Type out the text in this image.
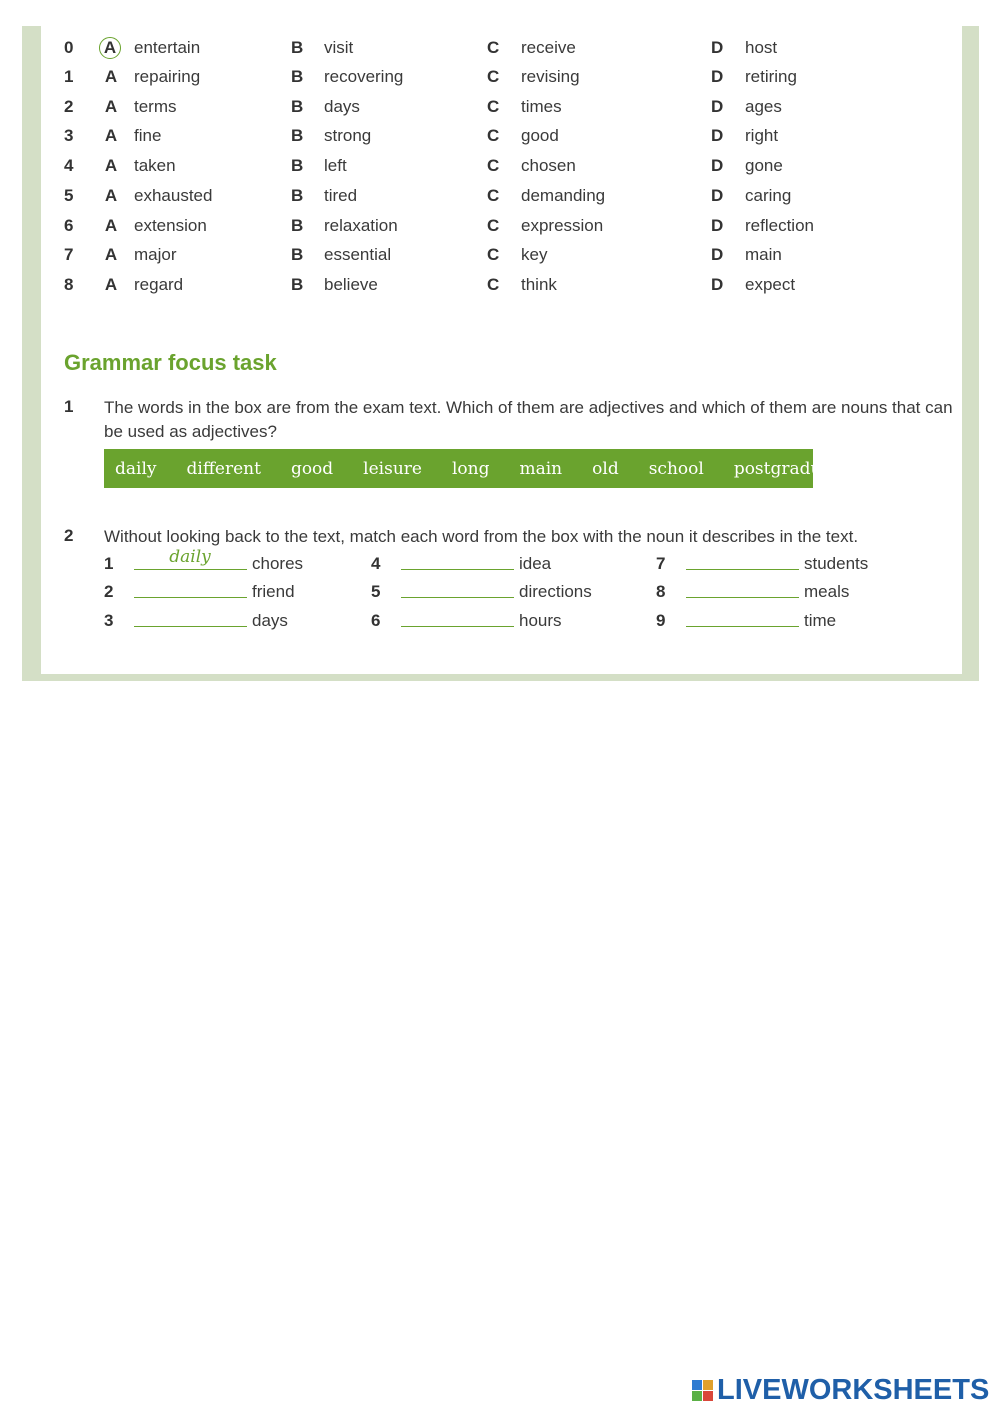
0 A entertain	B visit	C receive	D host
1 A repairing	B recovering	C revising	D retiring
2 A terms	B days	C times	D ages
3 A fine	B strong	C good	D right
4 A taken	B left	C chosen	D gone
5 A exhausted	B tired	C demanding	D caring
6 A extension	B relaxation	C expression	D reflection
7 A major	B essential	C key	D main
8 A regard	B believe	C think	D expect
Grammar focus task
1 The words in the box are from the exam text. Which of them are adjectives and which of them are nouns that can be used as adjectives?
daily	different	good	leisure	long	main	old	school	postgraduate
2 Without looking back to the text, match each word from the box with the noun it describes in the text.
1	daily	chores
2	friend
3	days
4	idea
5	directions
6	hours
7	students
8	meals
9	time
LIVEWORKSHEETS
